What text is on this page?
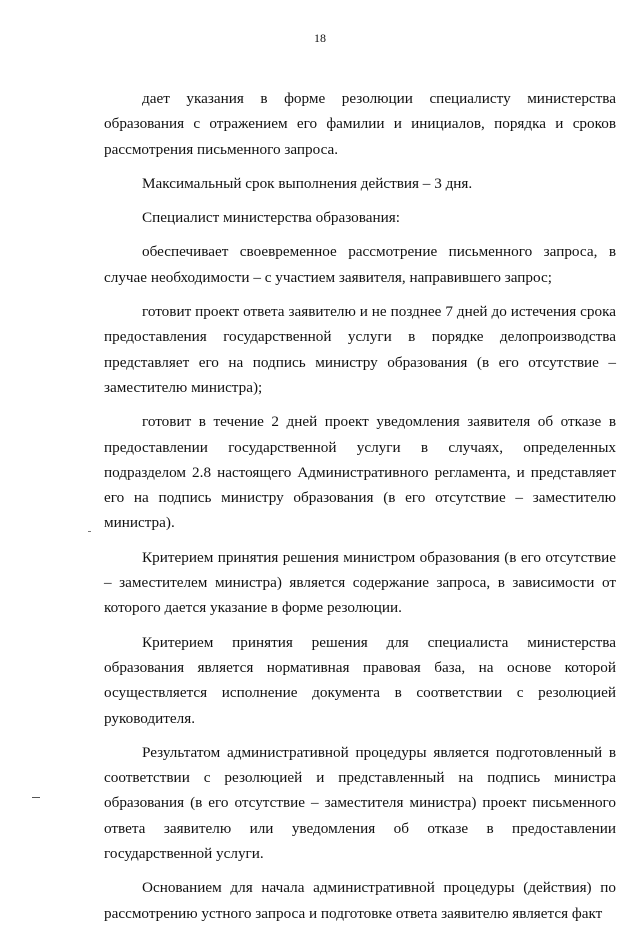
18

дает указания в форме резолюции специалисту министерства образования с отражением его фамилии и инициалов, порядка и сроков рассмотрения письменного запроса.

Максимальный срок выполнения действия – 3 дня.

Специалист министерства образования:

обеспечивает своевременное рассмотрение письменного запроса, в случае необходимости – с участием заявителя, направившего запрос;

готовит проект ответа заявителю и не позднее 7 дней до истечения срока предоставления государственной услуги в порядке делопроизводства представляет его на подпись министру образования (в его отсутствие – заместителю министра);

готовит в течение 2 дней проект уведомления заявителя об отказе в предоставлении государственной услуги в случаях, определенных подразделом 2.8 настоящего Административного регламента, и представляет его на подпись министру образования (в его отсутствие – заместителю министра).

Критерием принятия решения министром образования (в его отсутствие – заместителем министра) является содержание запроса, в зависимости от которого дается указание в форме резолюции.

Критерием принятия решения для специалиста министерства образования является нормативная правовая база, на основе которой осуществляется исполнение документа в соответствии с резолюцией руководителя.

Результатом административной процедуры является подготовленный в соответствии с резолюцией и представленный на подпись министра образования (в его отсутствие – заместителя министра) проект письменного ответа заявителю или уведомления об отказе в предоставлении государственной услуги.

Основанием для начала административной процедуры (действия) по рассмотрению устного запроса и подготовке ответа заявителю является факт
